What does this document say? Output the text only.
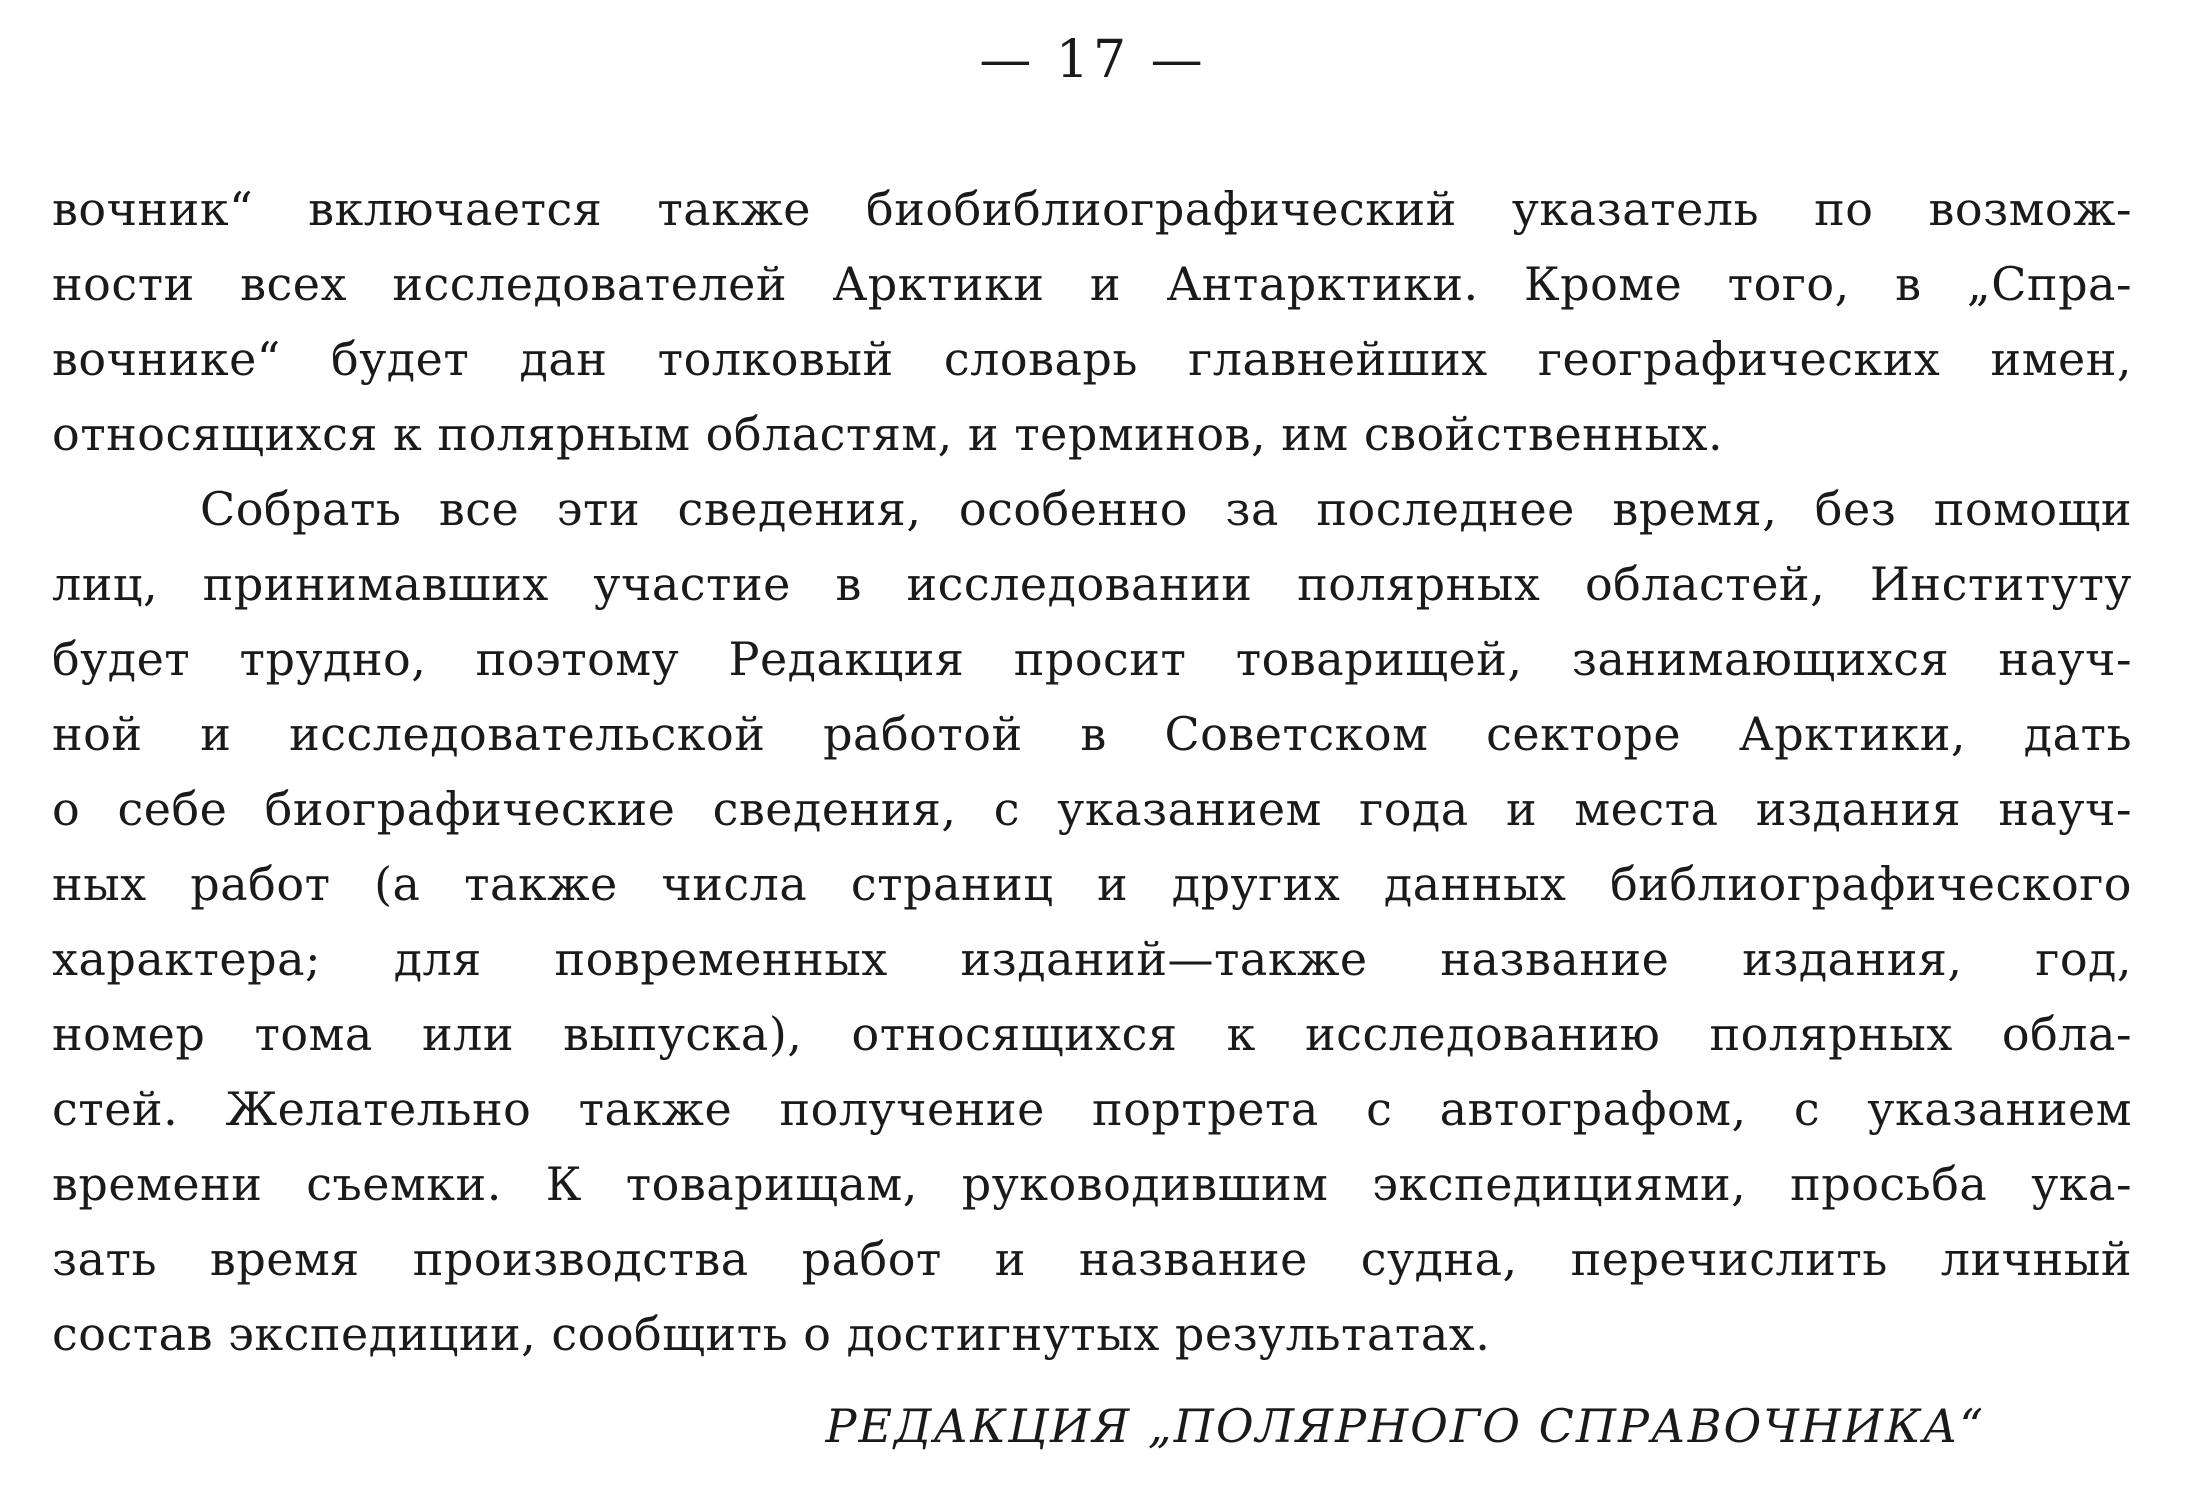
— 17 —
вочник“ включается также биобиблиографический указатель по возмож-
ности всех исследователей Арктики и Антарктики. Кроме того, в „Спра-
вочнике“ будет дан толковый словарь главнейших географических имен,
относящихся к полярным областям, и терминов, им свойственных.
Собрать все эти сведения, особенно за последнее время, без помощи
лиц, принимавших участие в исследовании полярных областей, Институту
будет трудно, поэтому Редакция просит товарищей, занимающихся науч-
ной и исследовательской работой в Советском секторе Арктики, дать
о себе биографические сведения, с указанием года и места издания науч-
ных работ (а также числа страниц и других данных библиографического
характера; для повременных изданий—также название издания, год,
номер тома или выпуска), относящихся к исследованию полярных обла-
стей. Желательно также получение портрета с автографом, с указанием
времени съемки. К товарищам, руководившим экспедициями, просьба ука-
зать время производства работ и название судна, перечислить личный
состав экспедиции, сообщить о достигнутых результатах.
РЕДАКЦИЯ „ПОЛЯРНОГО СПРАВОЧНИКА“
